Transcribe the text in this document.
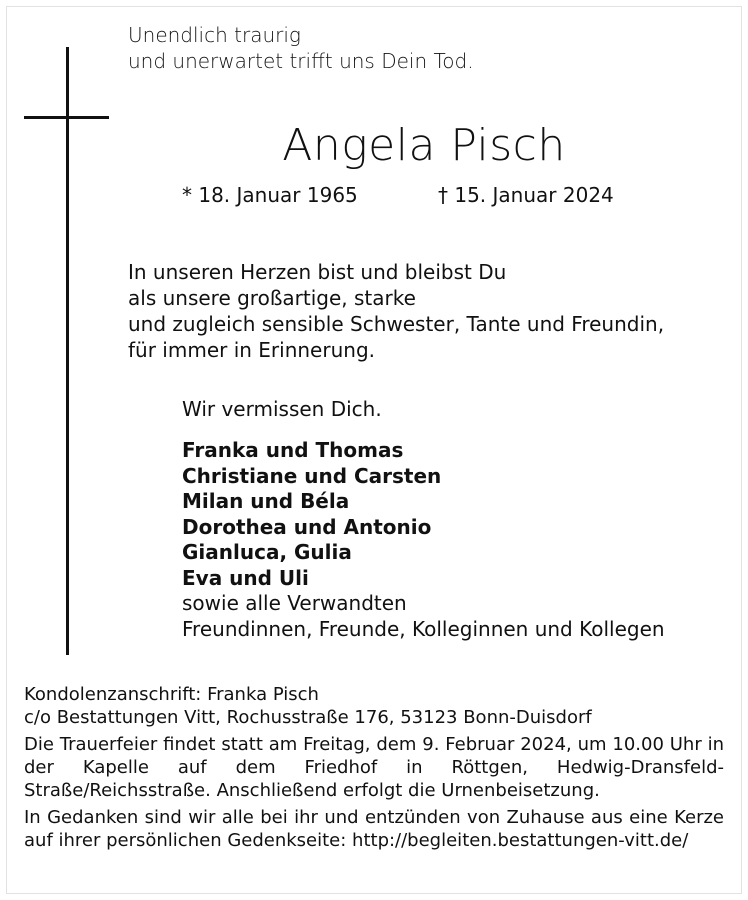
Unendlich traurig
und unerwartet trifft uns Dein Tod.
Angela Pisch
* 18. Januar 1965	† 15. Januar 2024
In unseren Herzen bist und bleibst Du
als unsere großartige, starke
und zugleich sensible Schwester, Tante und Freundin,
für immer in Erinnerung.
Wir vermissen Dich.
Franka und Thomas
Christiane und Carsten
Milan und Béla
Dorothea und Antonio
Gianluca, Gulia
Eva und Uli
sowie alle Verwandten
Freundinnen, Freunde, Kolleginnen und Kollegen
Kondolenzanschrift: Franka Pisch
c/o Bestattungen Vitt, Rochusstraße 176, 53123 Bonn-Duisdorf
Die Trauerfeier findet statt am Freitag, dem 9. Februar 2024, um 10.00 Uhr in der Kapelle auf dem Friedhof in Röttgen, Hedwig-Dransfeld-Straße/Reichsstraße. Anschließend erfolgt die Urnenbeisetzung.
In Gedanken sind wir alle bei ihr und entzünden von Zuhause aus eine Kerze auf ihrer persönlichen Gedenkseite: http://begleiten.bestattungen-vitt.de/
